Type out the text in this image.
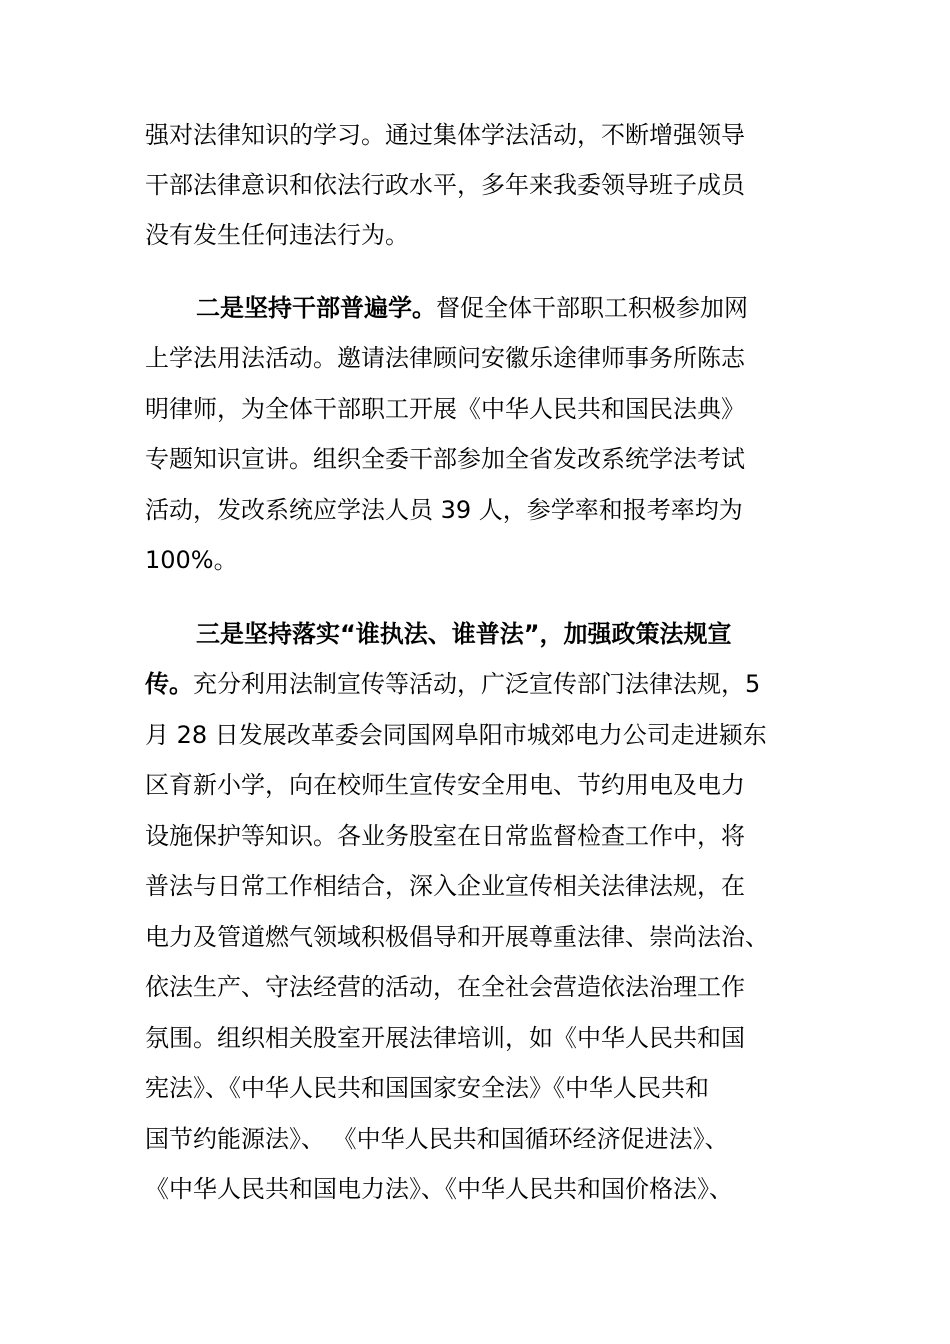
强对法律知识的学习。通过集体学法活动，不断增强领导
干部法律意识和依法行政水平，多年来我委领导班子成员
没有发生任何违法行为。
二是坚持干部普遍学。督促全体干部职工积极参加网
上学法用法活动。邀请法律顾问安徽乐途律师事务所陈志
明律师，为全体干部职工开展《中华人民共和国民法典》
专题知识宣讲。组织全委干部参加全省发改系统学法考试
活动，发改系统应学法人员 39 人，参学率和报考率均为
100%。
三是坚持落实“谁执法、谁普法”，加强政策法规宣
传。充分利用法制宣传等活动，广泛宣传部门法律法规，5
月 28 日发展改革委会同国网阜阳市城郊电力公司走进颍东
区育新小学，向在校师生宣传安全用电、节约用电及电力
设施保护等知识。各业务股室在日常监督检查工作中，将
普法与日常工作相结合，深入企业宣传相关法律法规，在
电力及管道燃气领域积极倡导和开展尊重法律、崇尚法治、
依法生产、守法经营的活动，在全社会营造依法治理工作
氛围。组织相关股室开展法律培训，如《中华人民共和国
宪法》、《中华人民共和国国家安全法》《中华人民共和
国节约能源法》、 《中华人民共和国循环经济促进法》、
《中华人民共和国电力法》、《中华人民共和国价格法》、
